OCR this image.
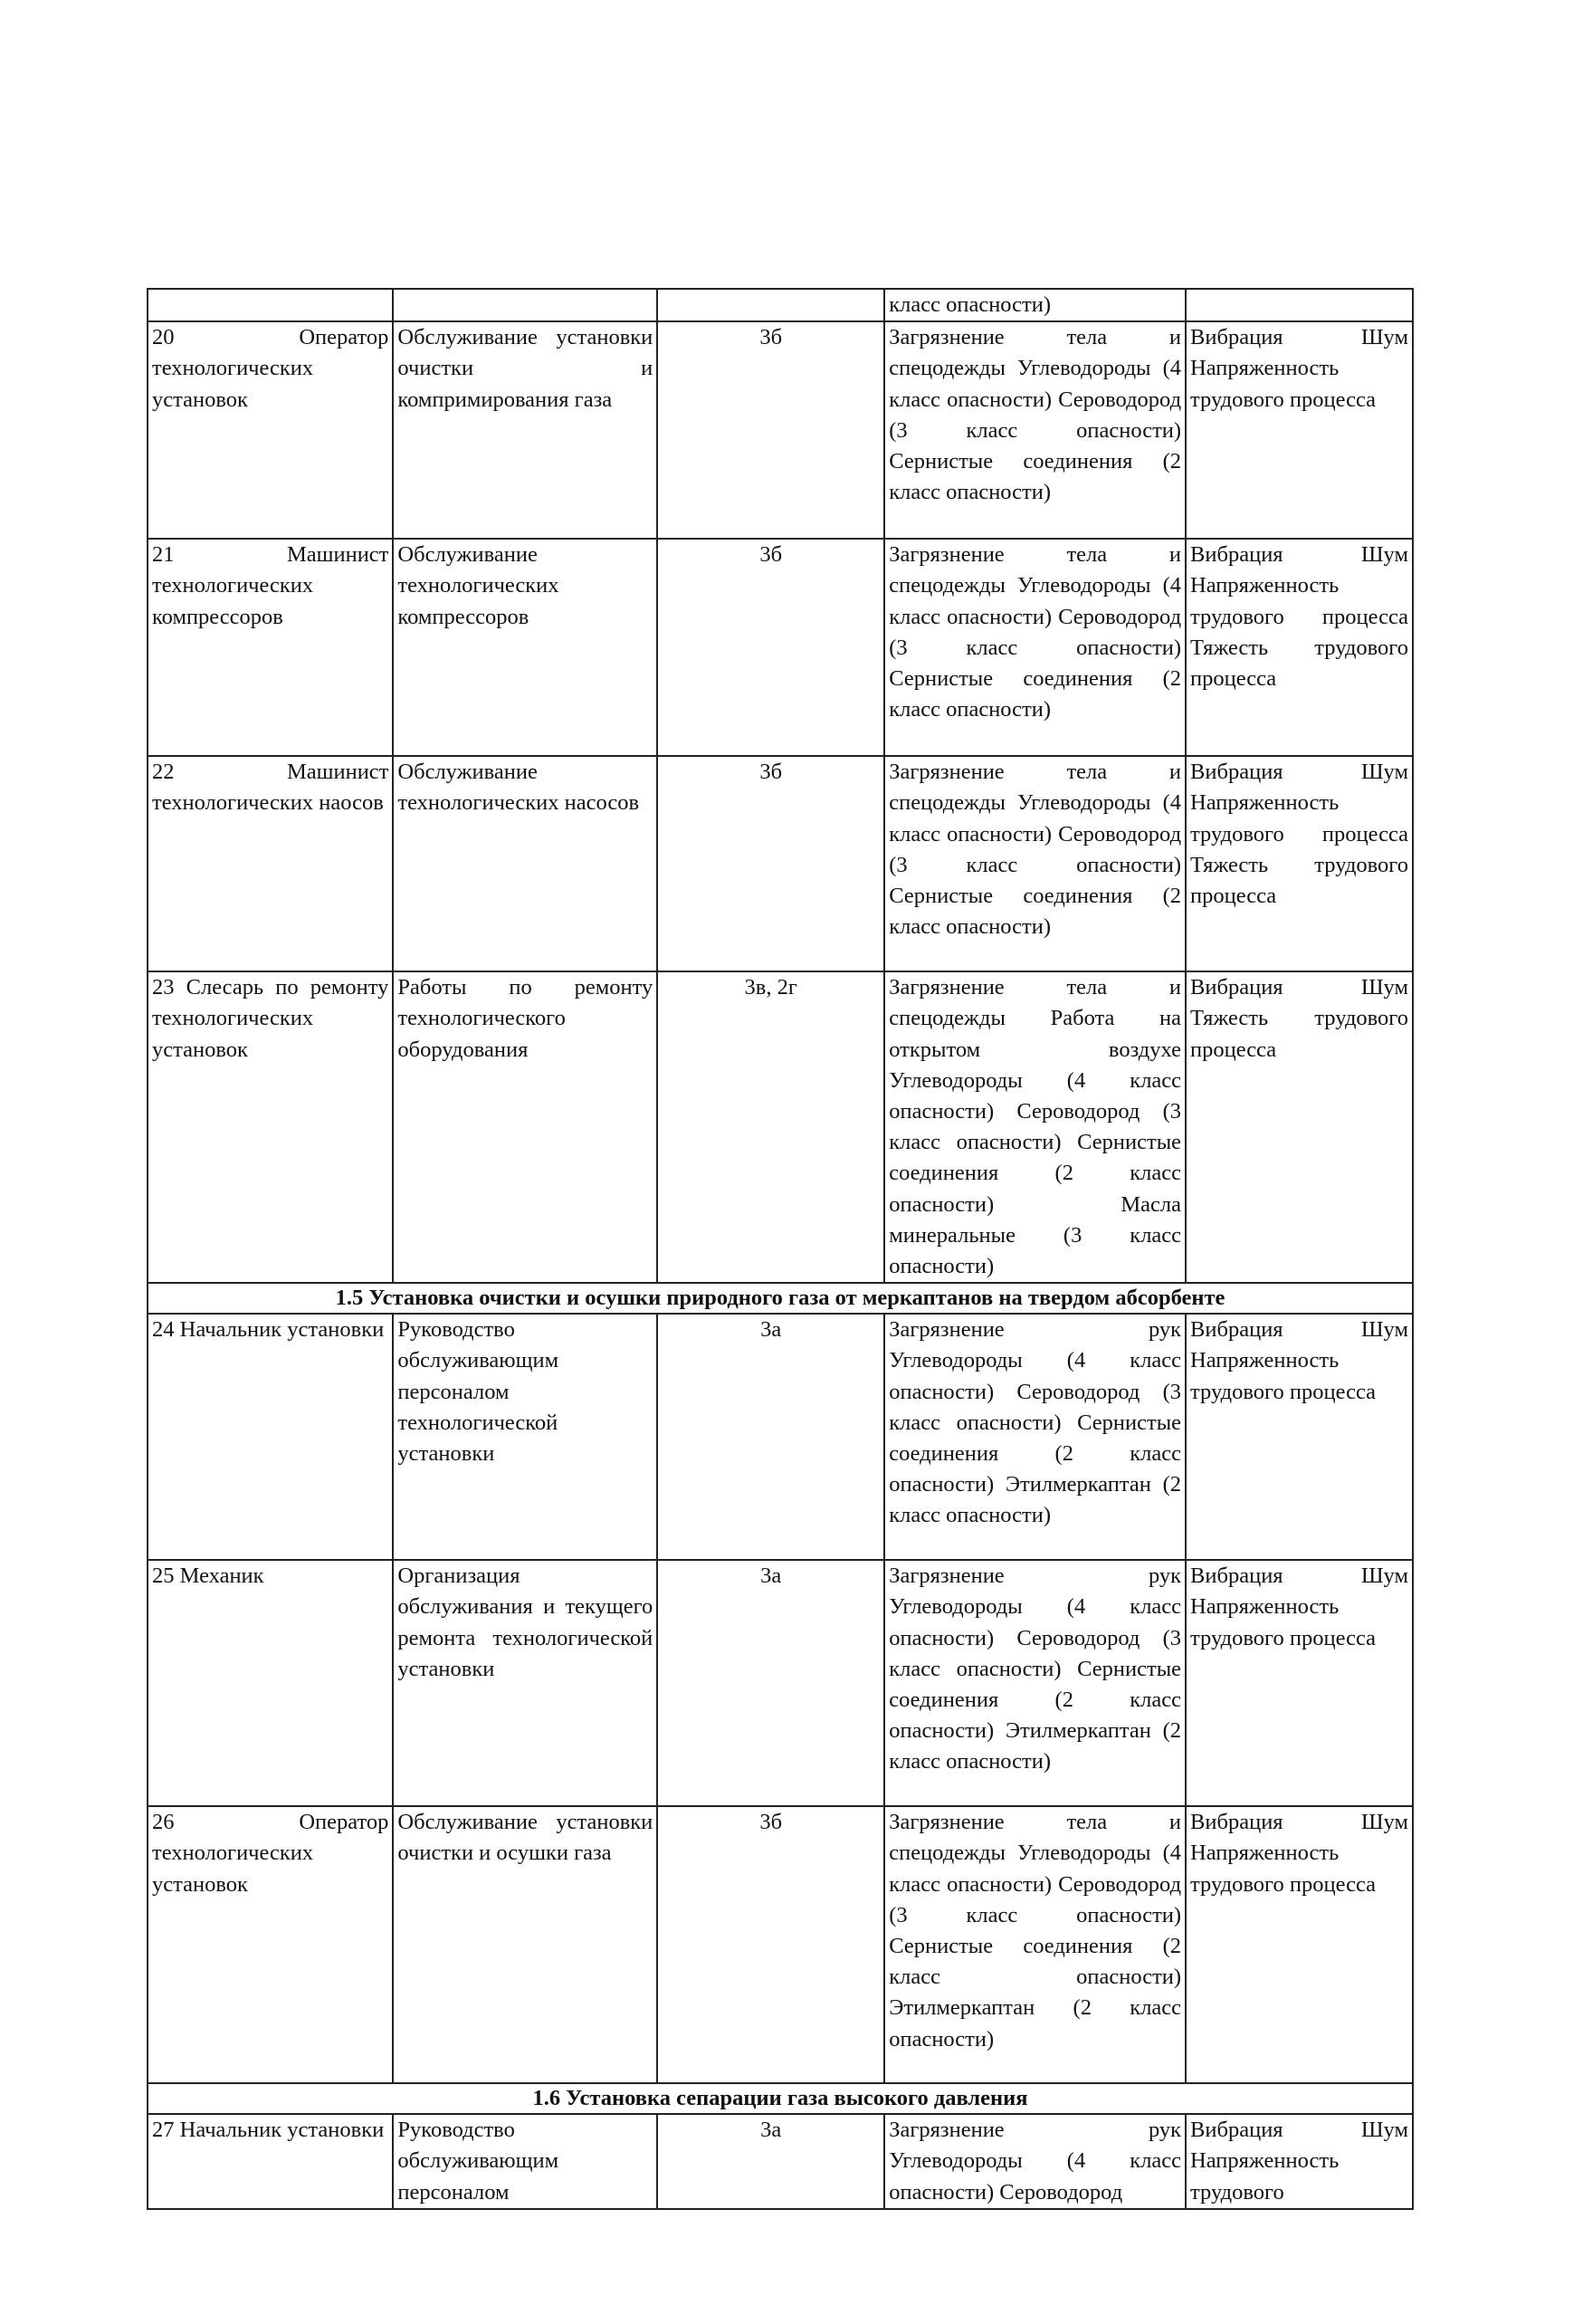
			класс опасности)	
20 Оператор технологических установок	Обслуживание установки очистки и компримирования газа	3б	Загрязнение тела и спецодежды Углеводороды (4 класс опасности) Сероводород (3 класс опасности) Сернистые соединения (2 класс опасности)	Вибрация Шум Напряженность трудового процесса
21 Машинист технологических компрессоров	Обслуживание технологических компрессоров	3б	Загрязнение тела и спецодежды Углеводороды (4 класс опасности) Сероводород (3 класс опасности) Сернистые соединения (2 класс опасности)	Вибрация Шум Напряженность трудового процесса Тяжесть трудового процесса
22 Машинист технологических наосов	Обслуживание технологических насосов	3б	Загрязнение тела и спецодежды Углеводороды (4 класс опасности) Сероводород (3 класс опасности) Сернистые соединения (2 класс опасности)	Вибрация Шум Напряженность трудового процесса Тяжесть трудового процесса
23 Слесарь по ремонту технологических установок	Работы по ремонту технологического оборудования	3в, 2г	Загрязнение тела и спецодежды Работа на открытом воздухе Углеводороды (4 класс опасности) Сероводород (3 класс опасности) Сернистые соединения (2 класс опасности) Масла минеральные (3 класс опасности)	Вибрация Шум Тяжесть трудового процесса
1.5 Установка очистки и осушки природного газа от меркаптанов на твердом абсорбенте				
24 Начальник установки	Руководство обслуживающим персоналом технологической установки	3а	Загрязнение рук Углеводороды (4 класс опасности) Сероводород (3 класс опасности) Сернистые соединения (2 класс опасности) Этилмеркаптан (2 класс опасности)	Вибрация Шум Напряженность трудового процесса
25 Механик	Организация обслуживания и текущего ремонта технологической установки	3а	Загрязнение рук Углеводороды (4 класс опасности) Сероводород (3 класс опасности) Сернистые соединения (2 класс опасности) Этилмеркаптан (2 класс опасности)	Вибрация Шум Напряженность трудового процесса
26 Оператор технологических установок	Обслуживание установки очистки и осушки газа	3б	Загрязнение тела и спецодежды Углеводороды (4 класс опасности) Сероводород (3 класс опасности) Сернистые соединения (2 класс опасности) Этилмеркаптан (2 класс опасности)	Вибрация Шум Напряженность трудового процесса
1.6 Установка сепарации газа высокого давления				
27 Начальник установки	Руководство обслуживающим персоналом	3а	Загрязнение рук Углеводороды (4 класс опасности) Сероводород	Вибрация Шум Напряженность трудового
